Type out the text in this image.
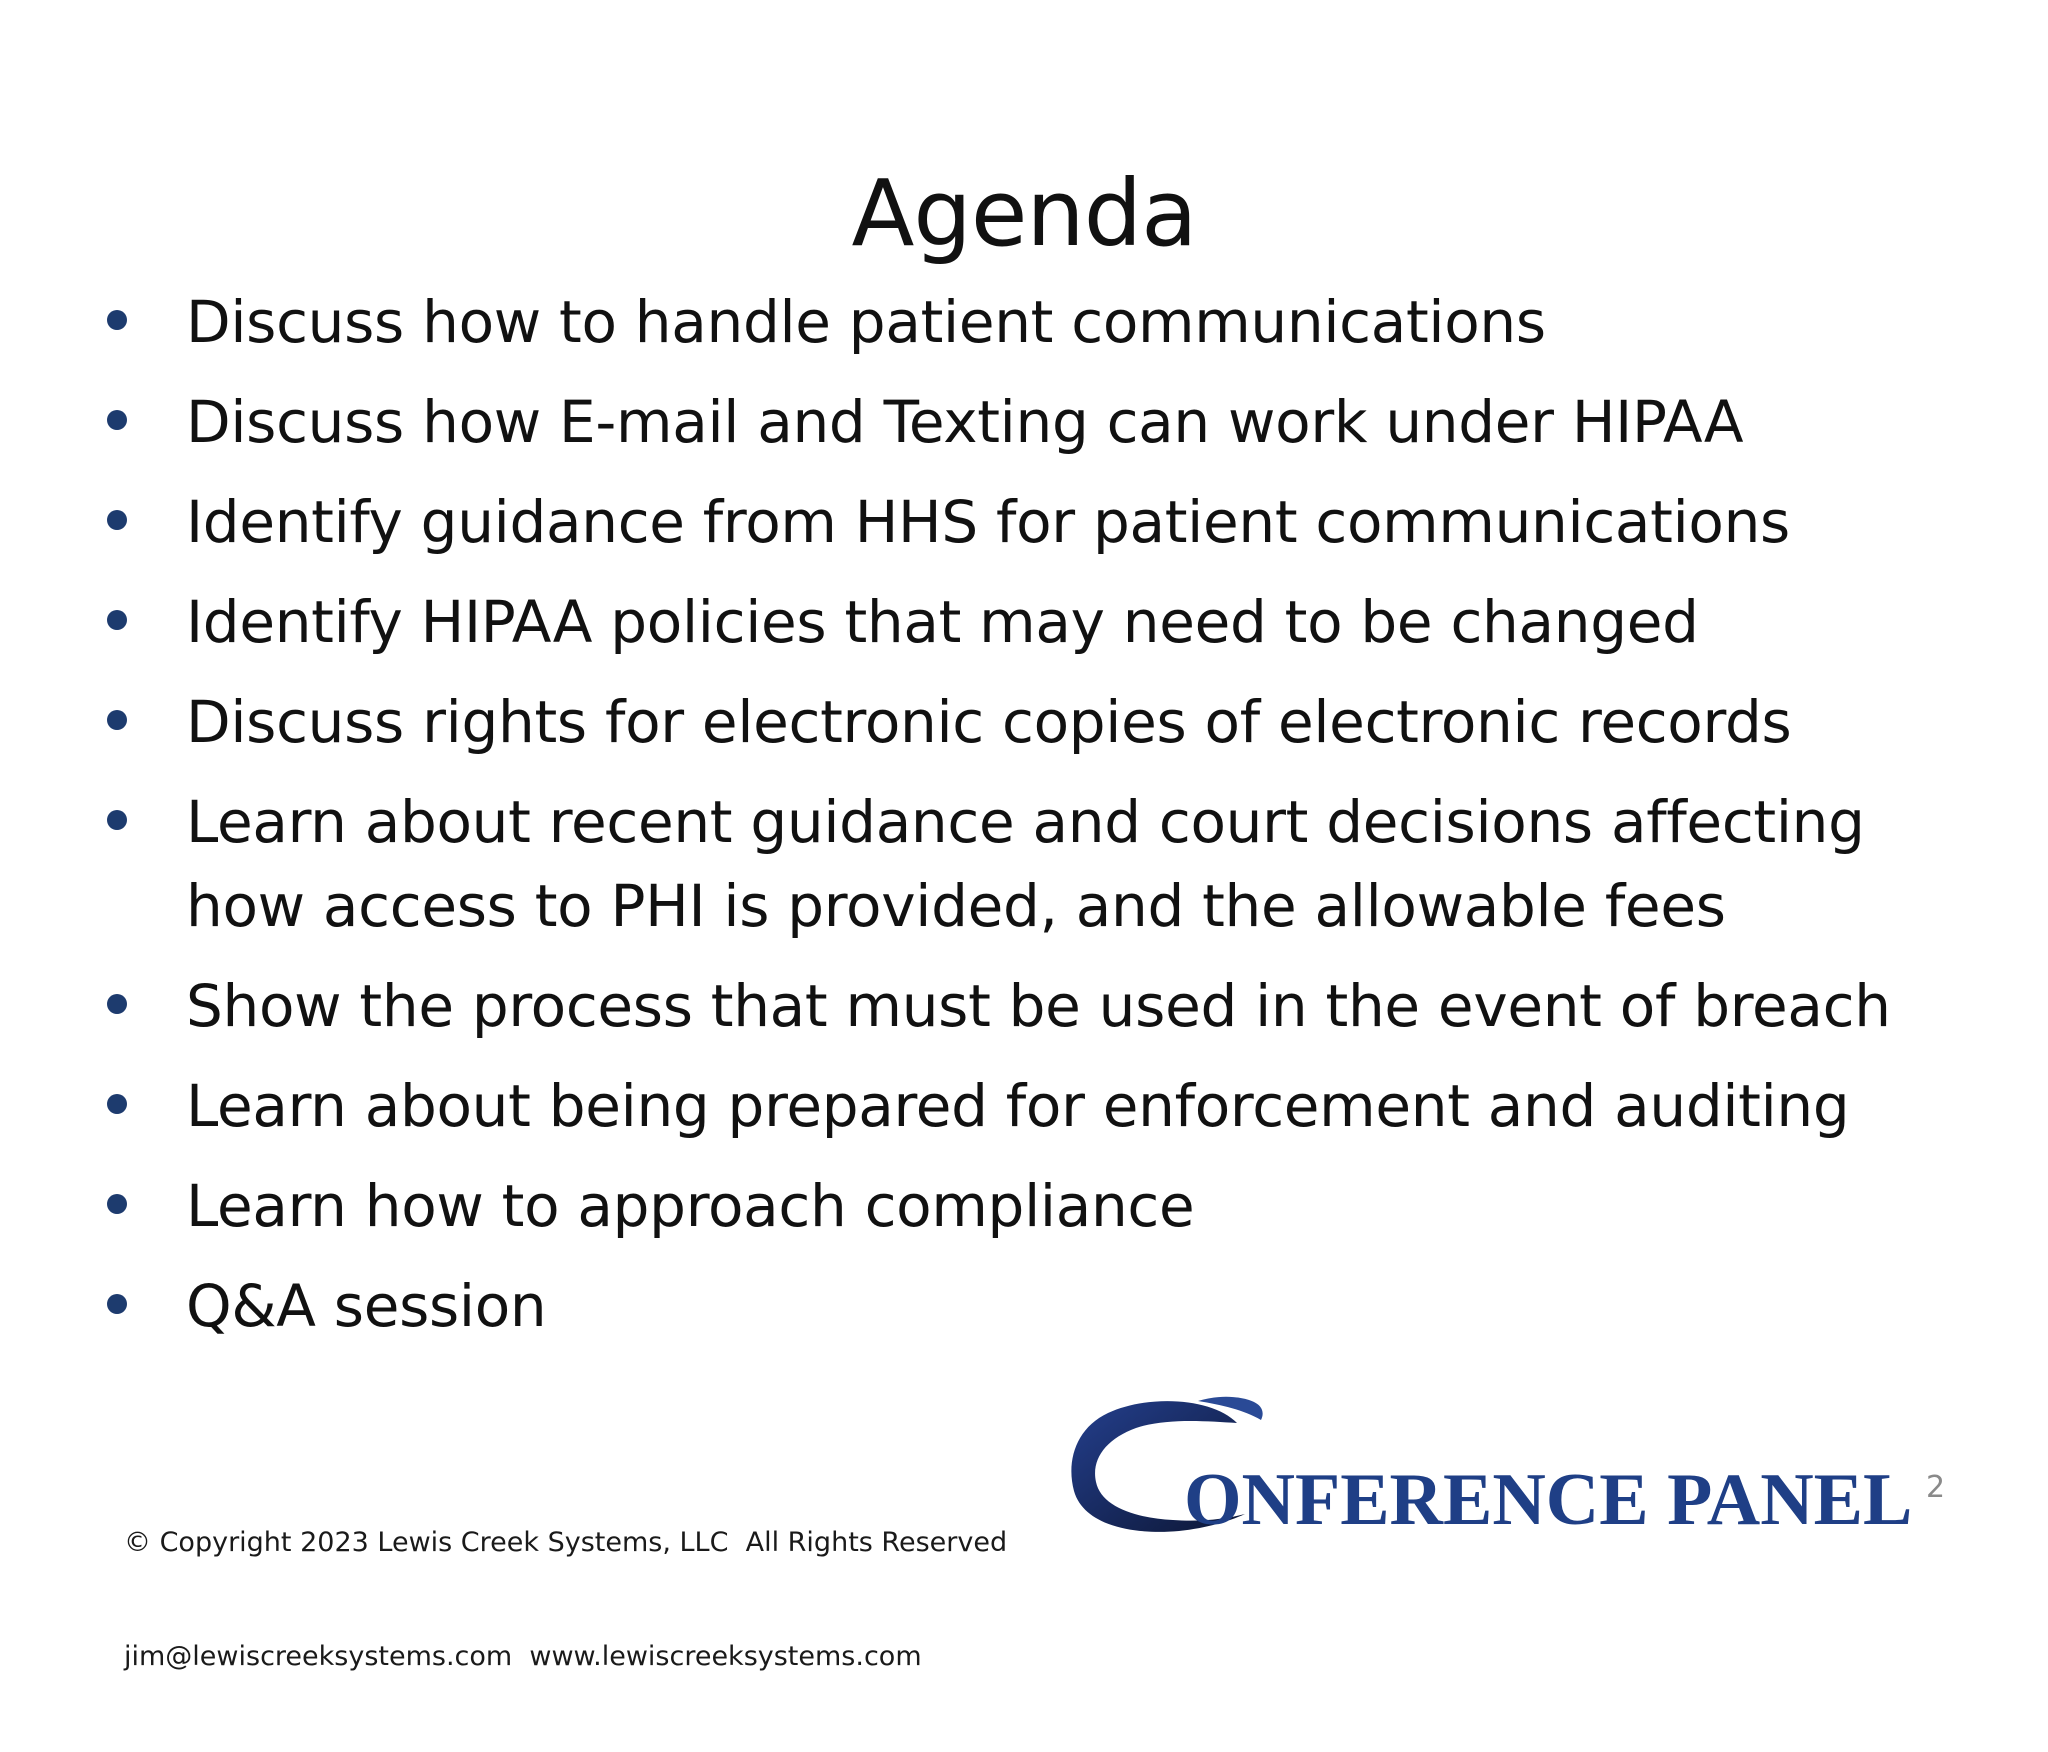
Agenda
Discuss how to handle patient communications
Discuss how E-mail and Texting can work under HIPAA
Identify guidance from HHS for patient communications
Identify HIPAA policies that may need to be changed
Discuss rights for electronic copies of electronic records
Learn about recent guidance and court decisions affecting how access to PHI is provided, and the allowable fees
Show the process that must be used in the event of breach
Learn about being prepared for enforcement and auditing
Learn how to approach compliance
Q&A session

© Copyright 2023 Lewis Creek Systems, LLC  All Rights Reserved

jim@lewiscreeksystems.com  www.lewiscreeksystems.com

ONFERENCE PANEL 2
